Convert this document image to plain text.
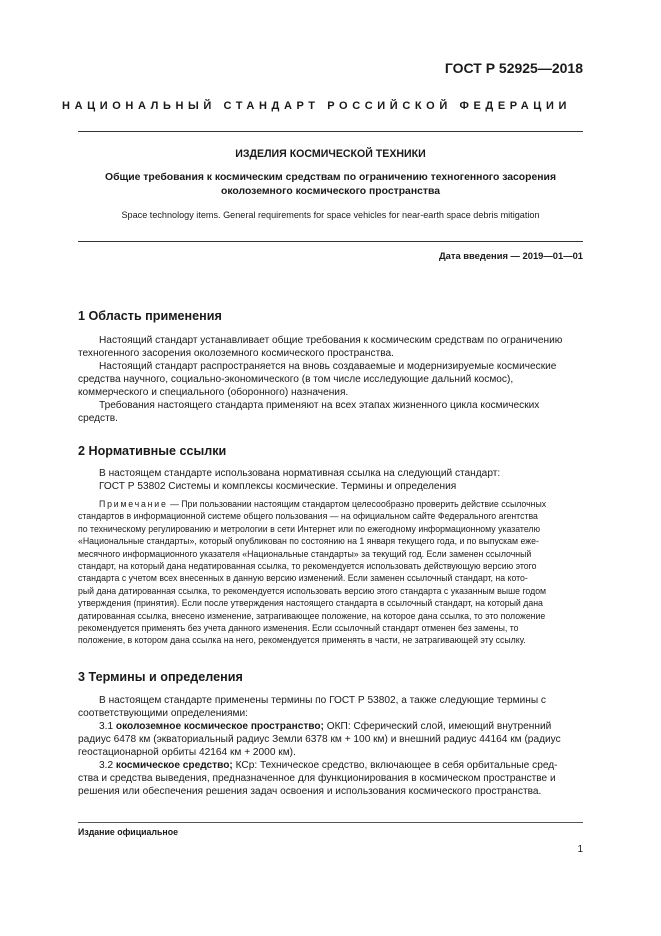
ГОСТ Р 52925—2018
НАЦИОНАЛЬНЫЙ СТАНДАРТ РОССИЙСКОЙ ФЕДЕРАЦИИ
ИЗДЕЛИЯ КОСМИЧЕСКОЙ ТЕХНИКИ
Общие требования к космическим средствам по ограничению техногенного засорения
околоземного космического пространства
Space technology items. General requirements for space vehicles for near-earth space debris mitigation
Дата введения — 2019—01—01
1 Область применения
Настоящий стандарт устанавливает общие требования к космическим средствам по ограничению
техногенного засорения околоземного космического пространства.
Настоящий стандарт распространяется на вновь создаваемые и модернизируемые космические
средства научного, социально-экономического (в том числе исследующие дальний космос),
коммерческого и специального (оборонного) назначения.
Требования настоящего стандарта применяют на всех этапах жизненного цикла космических
средств.
2 Нормативные ссылки
В настоящем стандарте использована нормативная ссылка на следующий стандарт:
ГОСТ Р 53802 Системы и комплексы космические. Термины и определения
Примечание — При пользовании настоящим стандартом целесообразно проверить действие ссылочных
стандартов в информационной системе общего пользования — на официальном сайте Федерального агентства
по техническому регулированию и метрологии в сети Интернет или по ежегодному информационному указателю
«Национальные стандарты», который опубликован по состоянию на 1 января текущего года, и по выпускам еже-
месячного информационного указателя «Национальные стандарты» за текущий год. Если заменен ссылочный
стандарт, на который дана недатированная ссылка, то рекомендуется использовать действующую версию этого
стандарта с учетом всех внесенных в данную версию изменений. Если заменен ссылочный стандарт, на кото-
рый дана датированная ссылка, то рекомендуется использовать версию этого стандарта с указанным выше годом
утверждения (принятия). Если после утверждения настоящего стандарта в ссылочный стандарт, на который дана
датированная ссылка, внесено изменение, затрагивающее положение, на которое дана ссылка, то это положение
рекомендуется применять без учета данного изменения. Если ссылочный стандарт отменен без замены, то
положение, в котором дана ссылка на него, рекомендуется применять в части, не затрагивающей эту ссылку.
3 Термины и определения
В настоящем стандарте применены термины по ГОСТ Р 53802, а также следующие термины с
соответствующими определениями:
3.1 околоземное космическое пространство; ОКП: Сферический слой, имеющий внутренний
радиус 6478 км (экваториальный радиус Земли 6378 км + 100 км) и внешний радиус 44164 км (радиус
геостационарной орбиты 42164 км + 2000 км).
3.2 космическое средство; КСр: Техническое средство, включающее в себя орбитальные сред-
ства и средства выведения, предназначенное для функционирования в космическом пространстве и
решения или обеспечения решения задач освоения и использования космического пространства.
Издание официальное
1
